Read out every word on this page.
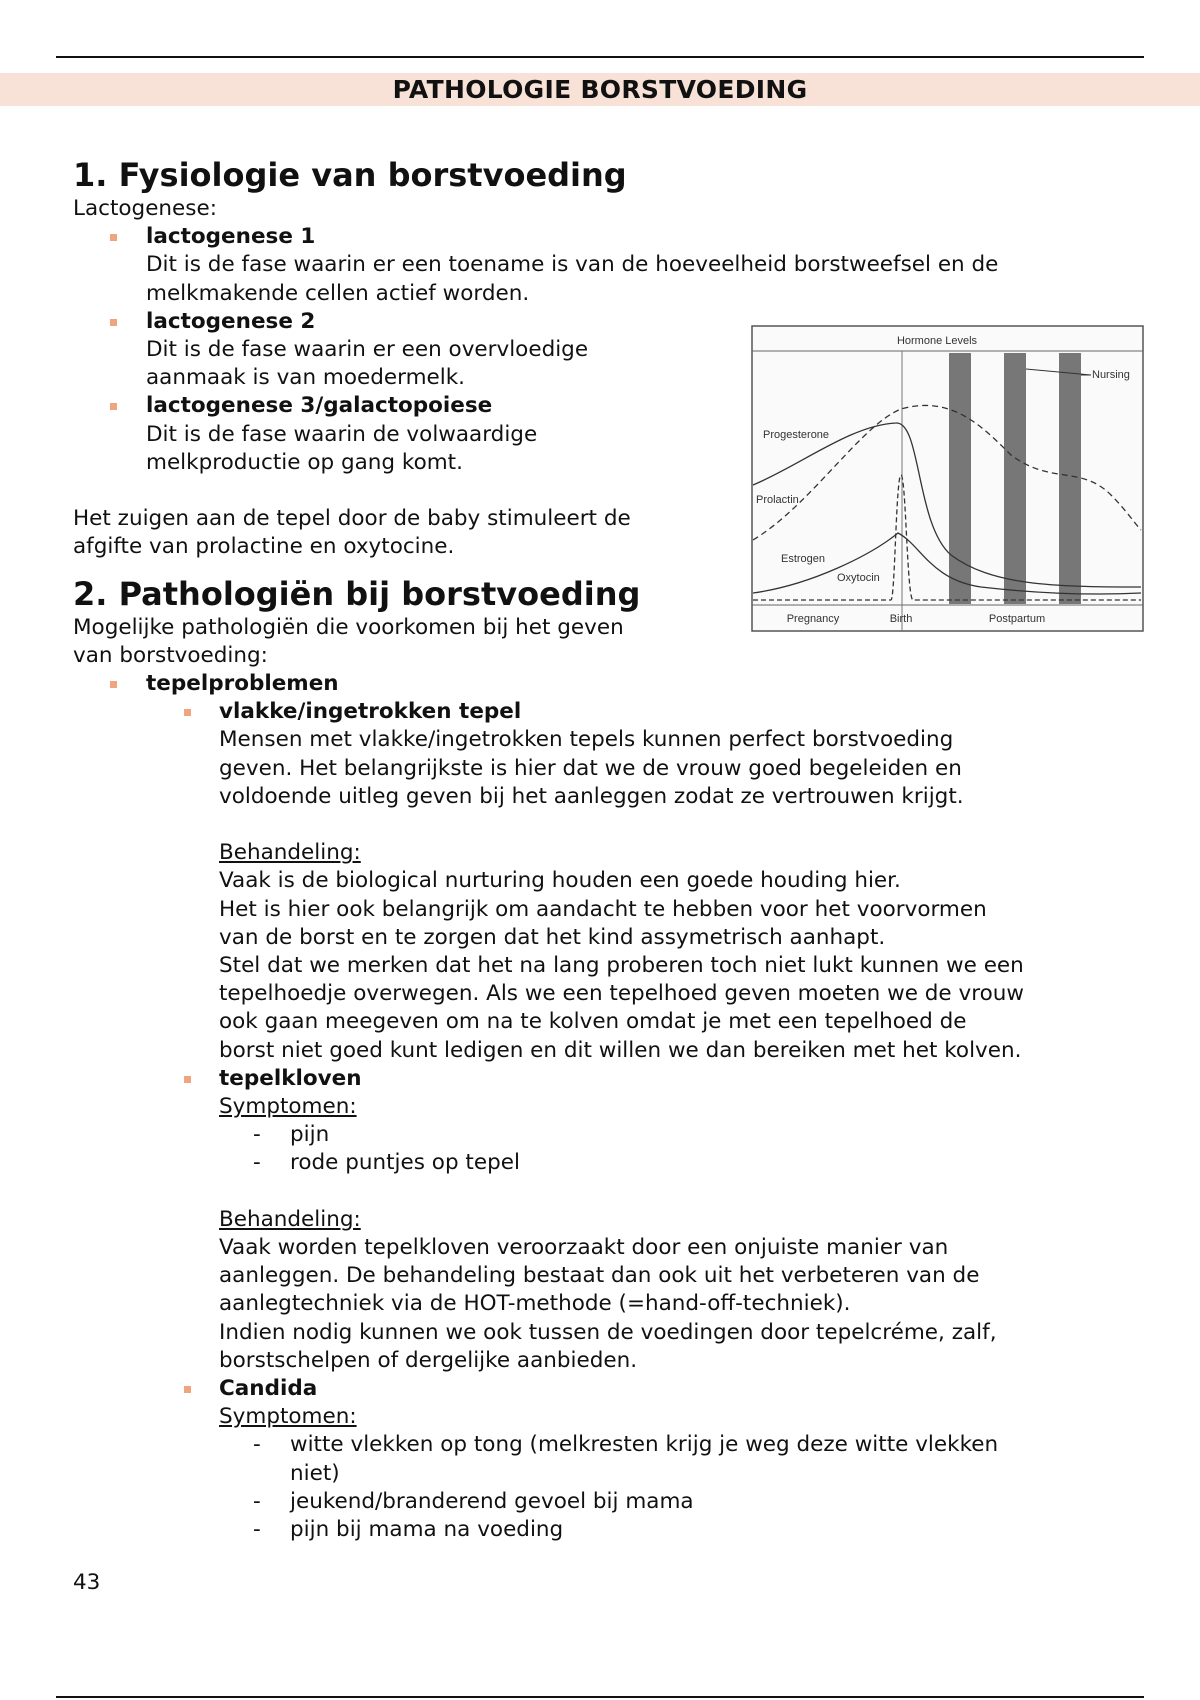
PATHOLOGIE BORSTVOEDING
1. Fysiologie van borstvoeding

Lactogenese:

lactogenese 1

Dit is de fase waarin er een toename is van de hoeveelheid borstweefsel en de

melkmakende cellen actief worden.

lactogenese 2

Dit is de fase waarin er een overvloedige

aanmaak is van moedermelk.

lactogenese 3/galactopoiese

Dit is de fase waarin de volwaardige

melkproductie op gang komt.

Het zuigen aan de tepel door de baby stimuleert de

afgifte van prolactine en oxytocine.

2. Pathologiën bij borstvoeding

Mogelijke pathologiën die voorkomen bij het geven

van borstvoeding:

tepelproblemen

vlakke/ingetrokken tepel

Mensen met vlakke/ingetrokken tepels kunnen perfect borstvoeding

geven. Het belangrijkste is hier dat we de vrouw goed begeleiden en

voldoende uitleg geven bij het aanleggen zodat ze vertrouwen krijgt.

Behandeling:

Vaak is de biological nurturing houden een goede houding hier.

Het is hier ook belangrijk om aandacht te hebben voor het voorvormen

van de borst en te zorgen dat het kind assymetrisch aanhapt.

Stel dat we merken dat het na lang proberen toch niet lukt kunnen we een

tepelhoedje overwegen. Als we een tepelhoed geven moeten we de vrouw

ook gaan meegeven om na te kolven omdat je met een tepelhoed de

borst niet goed kunt ledigen en dit willen we dan bereiken met het kolven.

tepelkloven

Symptomen:

- pijn

- rode puntjes op tepel

Behandeling:

Vaak worden tepelkloven veroorzaakt door een onjuiste manier van

aanleggen. De behandeling bestaat dan ook uit het verbeteren van de

aanlegtechniek via de HOT-methode (=hand-off-techniek).

Indien nodig kunnen we ook tussen de voedingen door tepelcréme, zalf,

borstschelpen of dergelijke aanbieden.

Candida

Symptomen:

- witte vlekken op tong (melkresten krijg je weg deze witte vlekken

niet)

- jeukend/branderend gevoel bij mama

- pijn bij mama na voeding

Hormone Levels
Nursing
Progesterone
Prolactin
Estrogen
Oxytocin
Pregnancy	Birth	Postpartum
43
